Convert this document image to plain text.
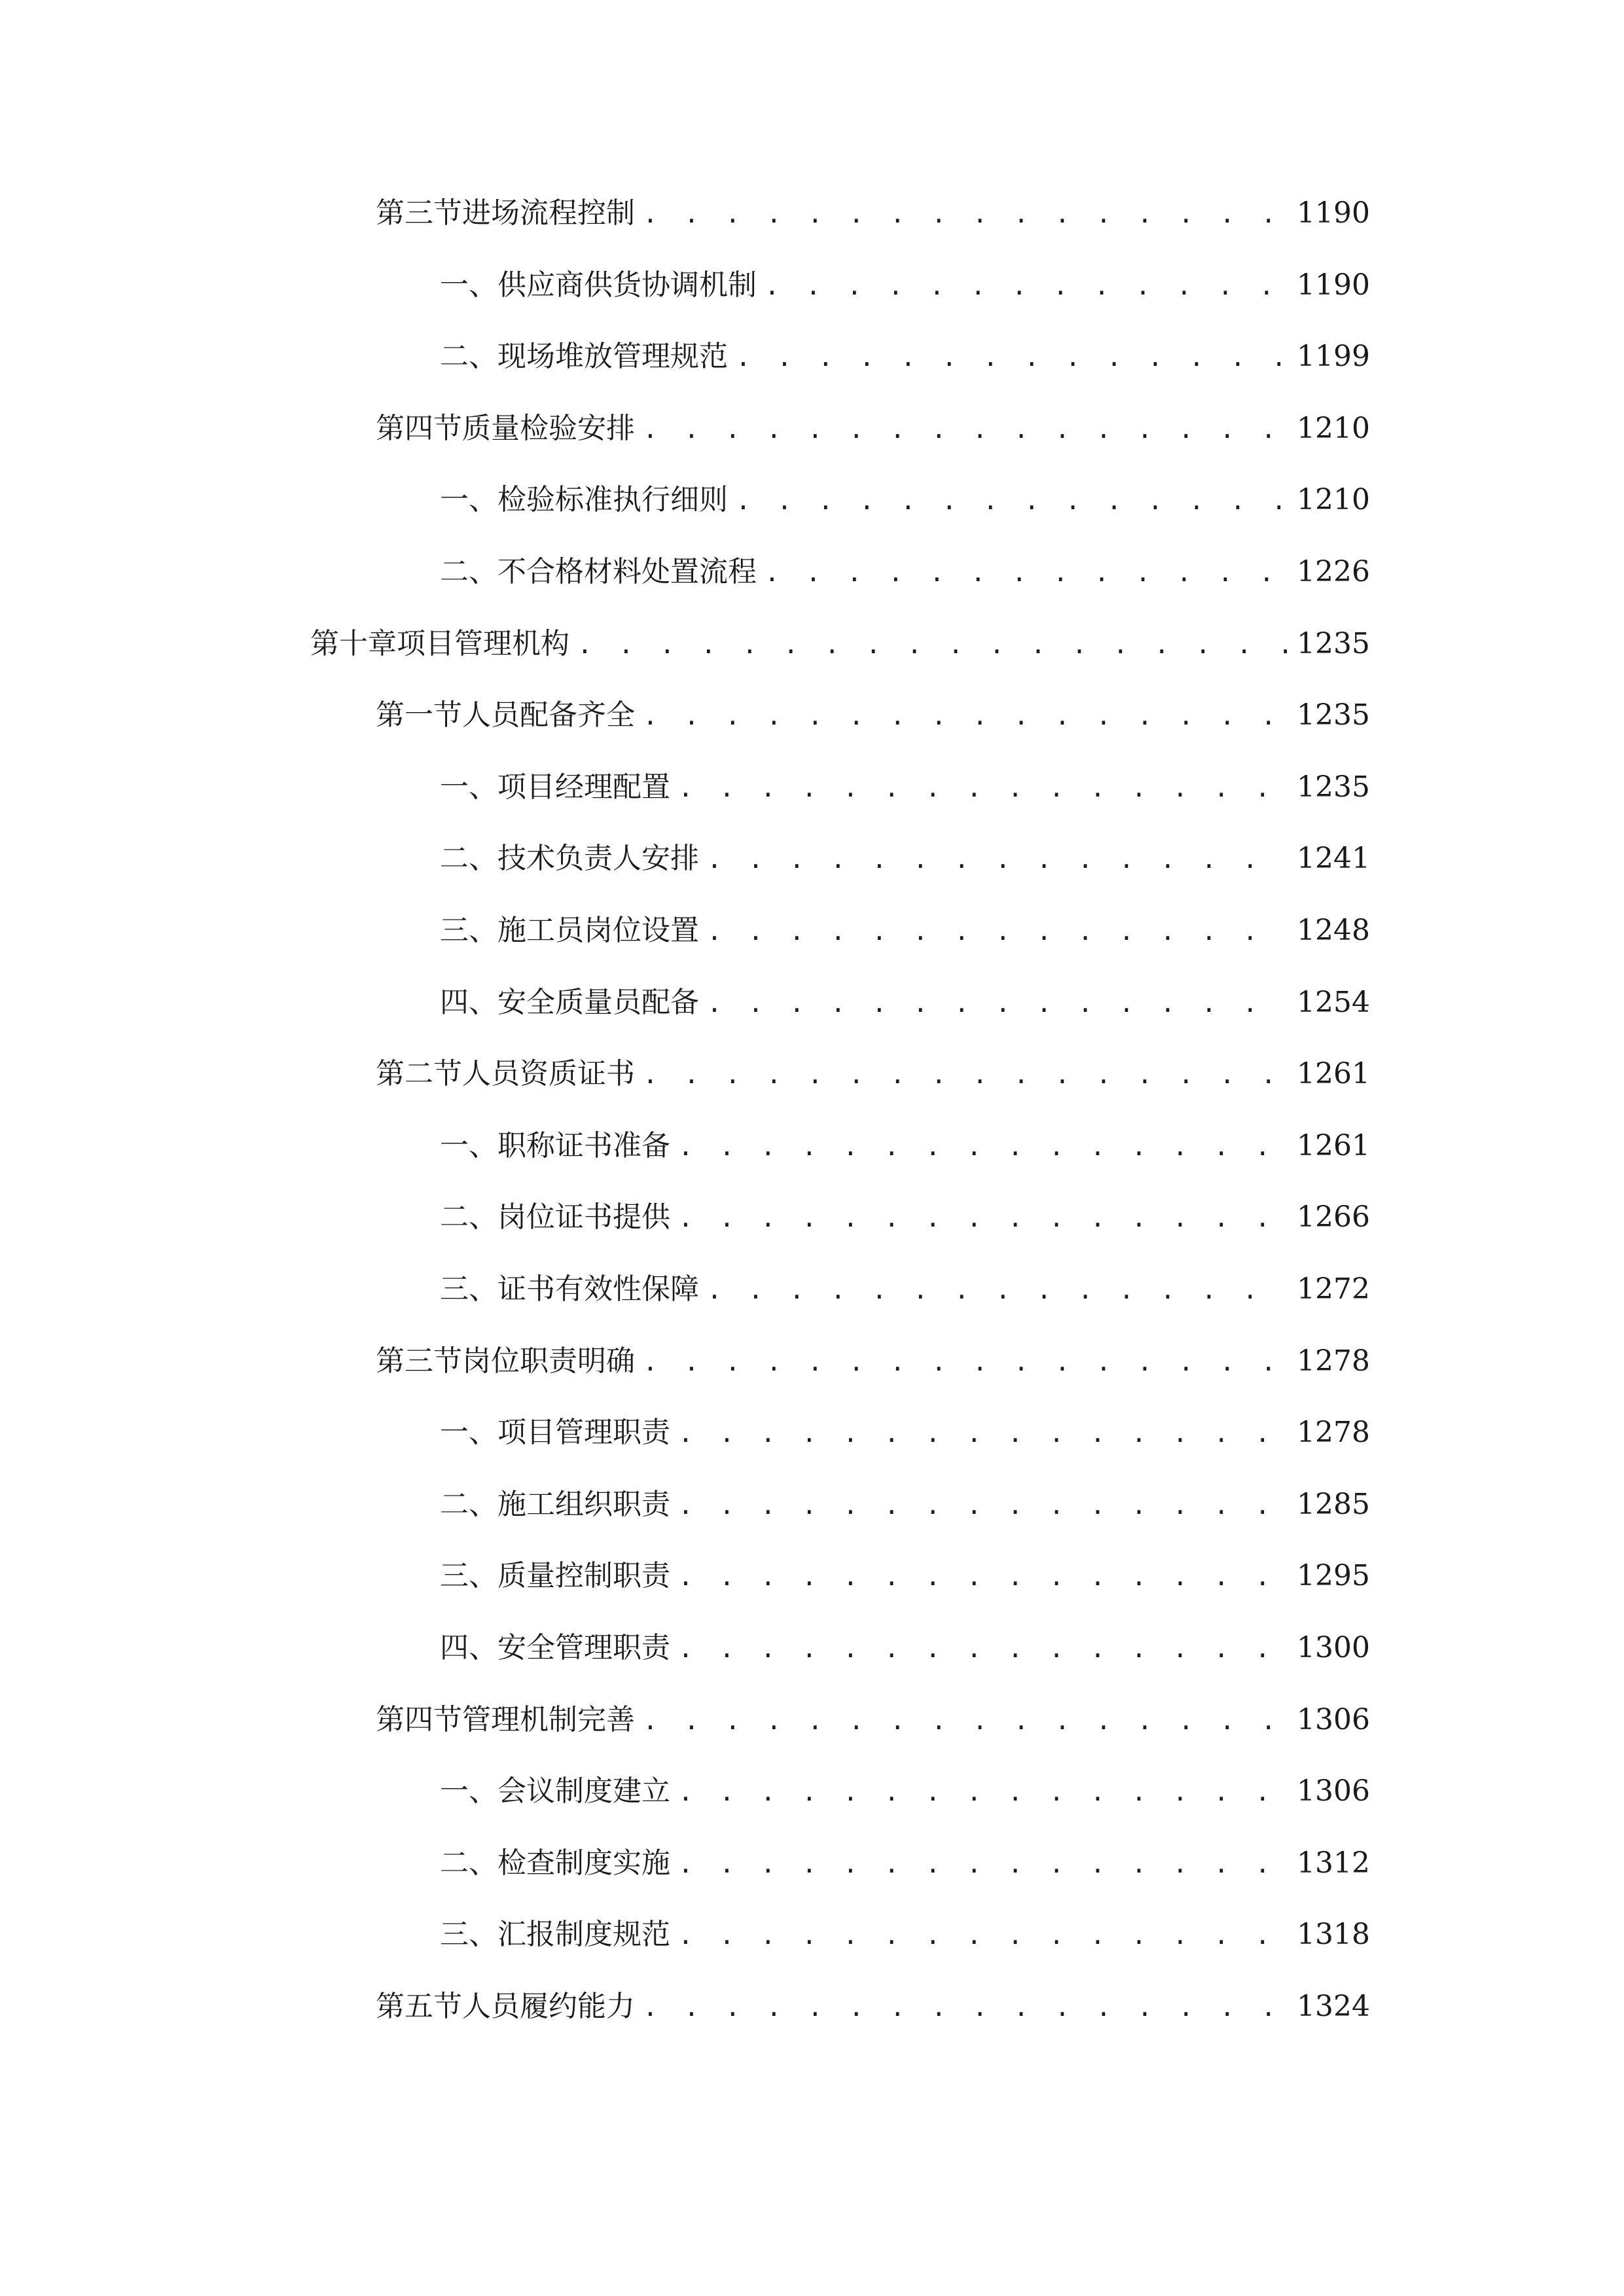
第三节 进场流程控制 . . .	1190
一、 供应商供货协调机制 . . .	1190
二、 现场堆放管理规范 . . .	1199
第四节 质量检验安排 . . .	1210
一、 检验标准执行细则 . . .	1210
二、 不合格材料处置流程 . . .	1226
第十章 项目管理机构 . . .	1235
第一节 人员配备齐全 . . .	1235
一、 项目经理配置 . . .	1235
二、 技术负责人安排 . . .	1241
三、 施工员岗位设置 . . .	1248
四、 安全质量员配备 . . .	1254
第二节 人员资质证书 . . .	1261
一、 职称证书准备 . . .	1261
二、 岗位证书提供 . . .	1266
三、 证书有效性保障 . . .	1272
第三节 岗位职责明确 . . .	1278
一、 项目管理职责 . . .	1278
二、 施工组织职责 . . .	1285
三、 质量控制职责 . . .	1295
四、 安全管理职责 . . .	1300
第四节 管理机制完善 . . .	1306
一、 会议制度建立 . . .	1306
二、 检查制度实施 . . .	1312
三、 汇报制度规范 . . .	1318
第五节 人员履约能力 . . .	1324
